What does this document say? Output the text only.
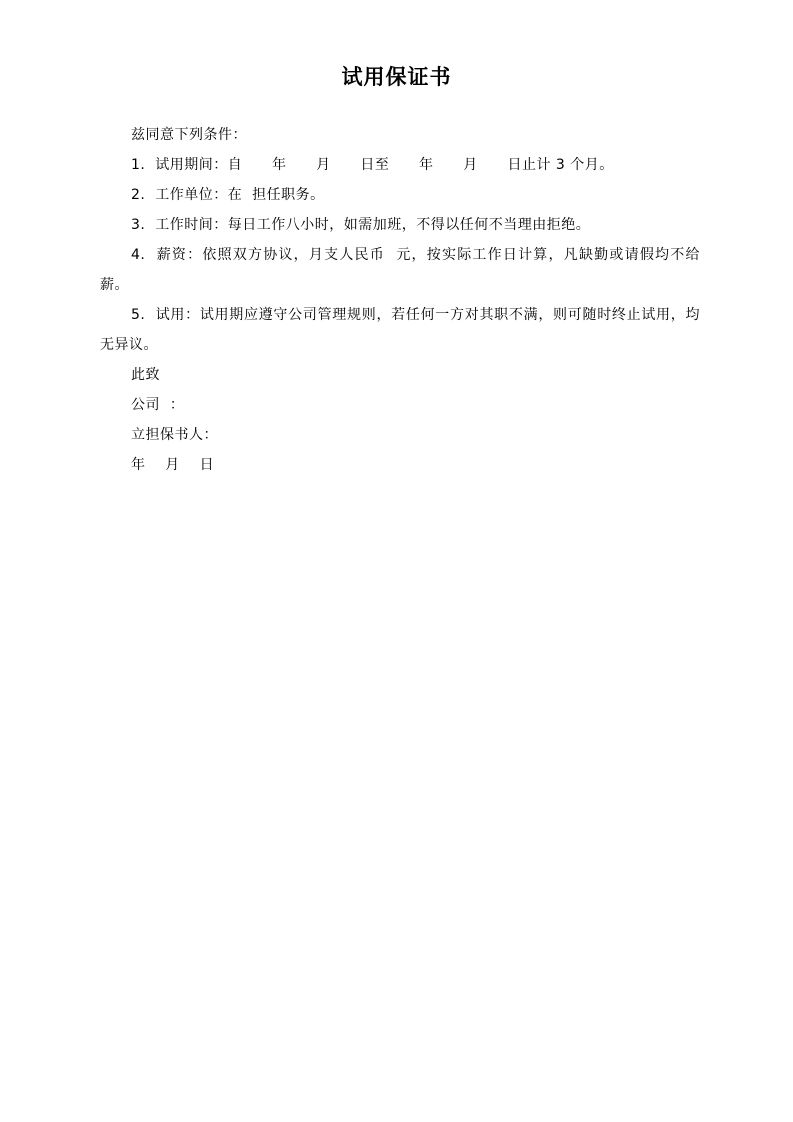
试用保证书

兹同意下列条件：

1.  试用期间：自      年      月      日至      年      月      日止计 3 个月。

2.  工作单位：在  担任职务。

3.  工作时间：每日工作八小时，如需加班，不得以任何不当理由拒绝。

4.  薪资：依照双方协议，月支人民币  元，按实际工作日计算，凡缺勤或请假均不给薪。

5.  试用：试用期应遵守公司管理规则，若任何一方对其职不满，则可随时终止试用，均无异议。

此致

公司  ：

立担保书人：

年    月    日
